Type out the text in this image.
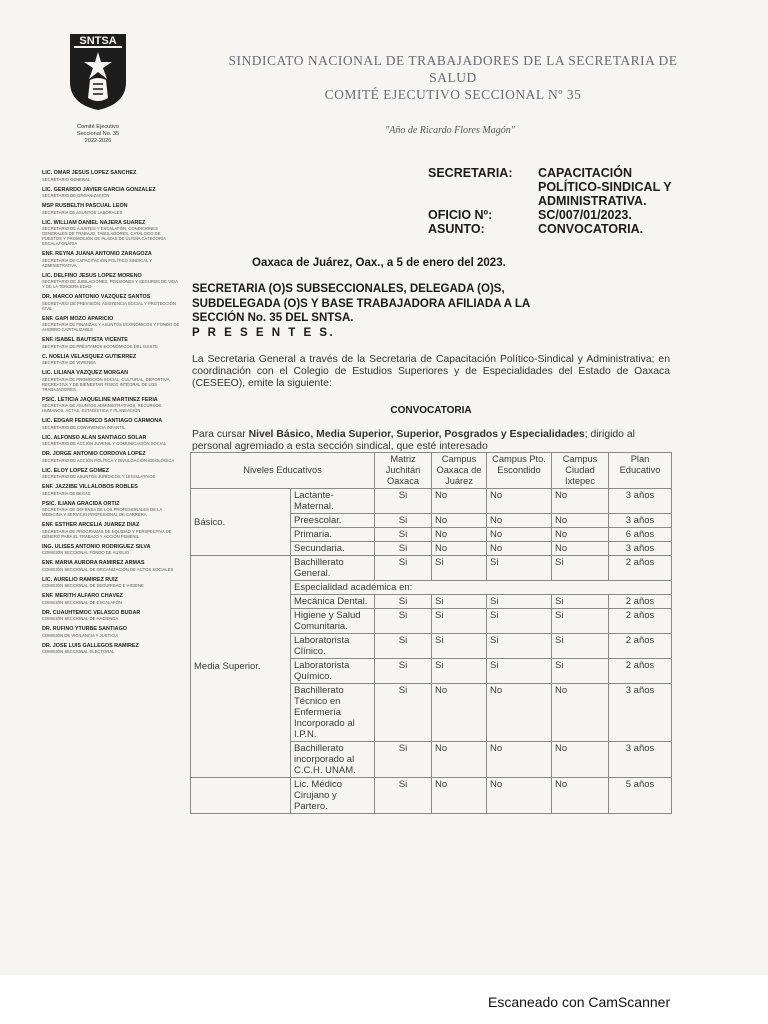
SNTSA
Comité Ejecutivo
Seccional No. 35
2022-2026
SINDICATO NACIONAL DE TRABAJADORES DE LA SECRETARIA DE
SALUD
COMITÉ EJECUTIVO SECCIONAL Nº 35
"Año de Ricardo Flores Magón"
LIC. OMAR JESÚS LÓPEZ SÁNCHEZ
SECRETARIO GENERAL
LIC. GERARDO JAVIER GARCÍA GONZÁLEZ
SECRETARIO DE ORGANIZACIÓN
MSP RUSBELTH PASCUAL LEÓN
SECRETARIA DE ASUNTOS LABORALES
LIC. WILLIAM DANIEL NAJERA SUÁREZ
SECRETARIO DE AJUSTES Y ESCALAFÓN, CONDICIONES GENERALES DE TRABAJO, TABULADORES, CATÁLOGO DE PUESTOS Y PROMOCIÓN DE PLAZAS DE ÚLTIMA CATEGORÍA ESCALAFONARIA
ENF. REYNA JUANA ANTONIO ZARAGOZA
SECRETARIA DE CAPACITACIÓN POLÍTICO SINDICAL Y ADMINISTRATIVA
LIC. DELFINO JESÚS LÓPEZ MORENO
SECRETARIO DE JUBILACIONES, PENSIONES Y SEGUROS DE VIDA Y DE LA TERCERA EDAD
DR. MARCO ANTONIO VÁZQUEZ SANTOS
SECRETARIO DE PREVISIÓN, ASISTENCIA SOCIAL Y PROTECCIÓN CIVIL
ENF. GAPI MOZO APARICIO
SECRETARIA DE FINANZAS Y ASUNTOS ECONÓMICOS Y FONDO DE AHORRO CAPITALIZABLE
ENF. ISABEL BAUTISTA VICENTE
SECRETARIA DE PRÉSTAMOS ECONÓMICOS DEL ISSSTE
C. NOELIA VELÁSQUEZ GUTIÉRREZ
SECRETARIA DE VIVIENDA
LIC. LILIANA VÁZQUEZ MORGAN
SECRETARIA DE PROMOCIÓN SOCIAL, CULTURAL, DEPORTIVA, RECREATIVA Y DE BIENESTAR FÍSICO INTEGRAL DE LOS TRABAJADORES
PSIC. LETICIA JAQUELINE MARTÍNEZ FERIA
SECRETARIA DE ASUNTOS ADMINISTRATIVOS, RECURSOS HUMANOS, ACTAS, ESTADÍSTICA Y PLANEACIÓN
LIC. EDGAR FEDERICO SANTIAGO CARMONA
SECRETARIO DE CONVIVENCIA INFANTIL
LIC. ALFONSO ALAN SANTIAGO SOLAR
SECRETARIO DE ACCIÓN JUVENIL Y COMUNICACIÓN SOCIAL
DR. JORGE ANTONIO CÓRDOVA LÓPEZ
SECRETARIO DE ACCIÓN POLÍTICA Y DIVULGACIÓN IDEOLÓGICA
LIC. ELOY LÓPEZ GÓMEZ
SECRETARIO DE ASUNTOS JURÍDICOS Y LEGISLATIVOS
ENF. JAZZIBE VILLALOBOS ROBLES
SECRETARIA DE BECAS
PSIC. ILIANA GRACIDA ORTIZ
SECRETARIA DE DEFENSA DE LOS PROFESIONALES DE LA MEDICINA Y SERVICIO PROFESIONAL DE CARRERA
ENF. ESTHER ARCELIA JUÁREZ DÍAZ
SECRETARIA DE PROGRAMAS DE EQUIDAD Y PERSPECTIVA DE GÉNERO PARA EL TRABAJO Y ACCIÓN FEMENIL
ING. ULISES ANTONIO RODRÍGUEZ SILVA
COMISIÓN SECCIONAL FONDO DE AUXILIO
ENF. MARÍA AURORA RAMÍREZ ARMAS
COMISIÓN SECCIONAL DE ORGANIZACIÓN DE ACTOS SOCIALES
LIC. AURELIO RAMÍREZ RUIZ
COMISIÓN SECCIONAL DE SEGURIDAD E HIGIENE
ENF. MERITH ALFARO CHÁVEZ
COMISIÓN SECCIONAL DE ESCALAFÓN
DR. CUAUHTEMOC VELASCO BUDAR
COMISIÓN SECCIONAL DE HACIENDA
DR. RUFINO YTURBE SANTIAGO
COMISIÓN DE VIGILANCIA Y JUSTICIA
DR. JOSÉ LUIS GALLEGOS RAMÍREZ
COMISIÓN SECCIONAL ELECTORAL
SECRETARIA:	CAPACITACIÓN
POLÍTICO-SINDICAL Y
ADMINISTRATIVA.
OFICIO Nº:	SC/007/01/2023.
ASUNTO:	CONVOCATORIA.
Oaxaca de Juárez, Oax., a 5 de enero del 2023.
SECRETARIA (O)S SUBSECCIONALES, DELEGADA (O)S,
SUBDELEGADA (O)S Y BASE TRABAJADORA AFILIADA A LA
SECCIÓN No. 35 DEL SNTSA.
P R E S E N T E S.
La Secretaria General a través de la Secretaria de Capacitación Político-Sindical y Administrativa; en coordinación con el Colegio de Estudios Superiores y de Especialidades del Estado de Oaxaca (CESEEO), emite la siguiente:
CONVOCATORIA
Para cursar Nivel Básico, Media Superior, Superior, Posgrados y Especialidades; dirigido al personal agremiado a esta sección sindical, que esté interesado
Niveles Educativos		Matriz Juchitán Oaxaca	Campus Oaxaca de Juárez	Campus Pto. Escondido	Campus Ciudad Ixtepec	Plan Educativo
Básico.	Lactante-Maternal.	Si	No	No	No	3 años
	Preescolar.	Si	No	No	No	3 años
	Primaria.	Si	No	No	No	6 años
	Secundaria.	Si	No	No	No	3 años
Media Superior.	Bachillerato General.	Si	Si	Si	Si	2 años
	Especialidad académica en:					
	Mecánica Dental.	Si	Si	Si	Si	2 años
	Higiene y Salud Comunitaria.	Si	Si	Si	Si	2 años
	Laboratorista Clínico.	Si	Si	Si	Si	2 años
	Laboratorista Químico.	Si	Si	Si	Si	2 años
	Bachillerato Técnico en Enfermería Incorporado al I.P.N.	Si	No	No	No	3 años
	Bachillerato incorporado al C.C.H. UNAM.	Si	No	No	No	3 años
	Lic. Médico Cirujano y Partero.	Si	No	No	No	5 años
Escaneado con CamScanner
